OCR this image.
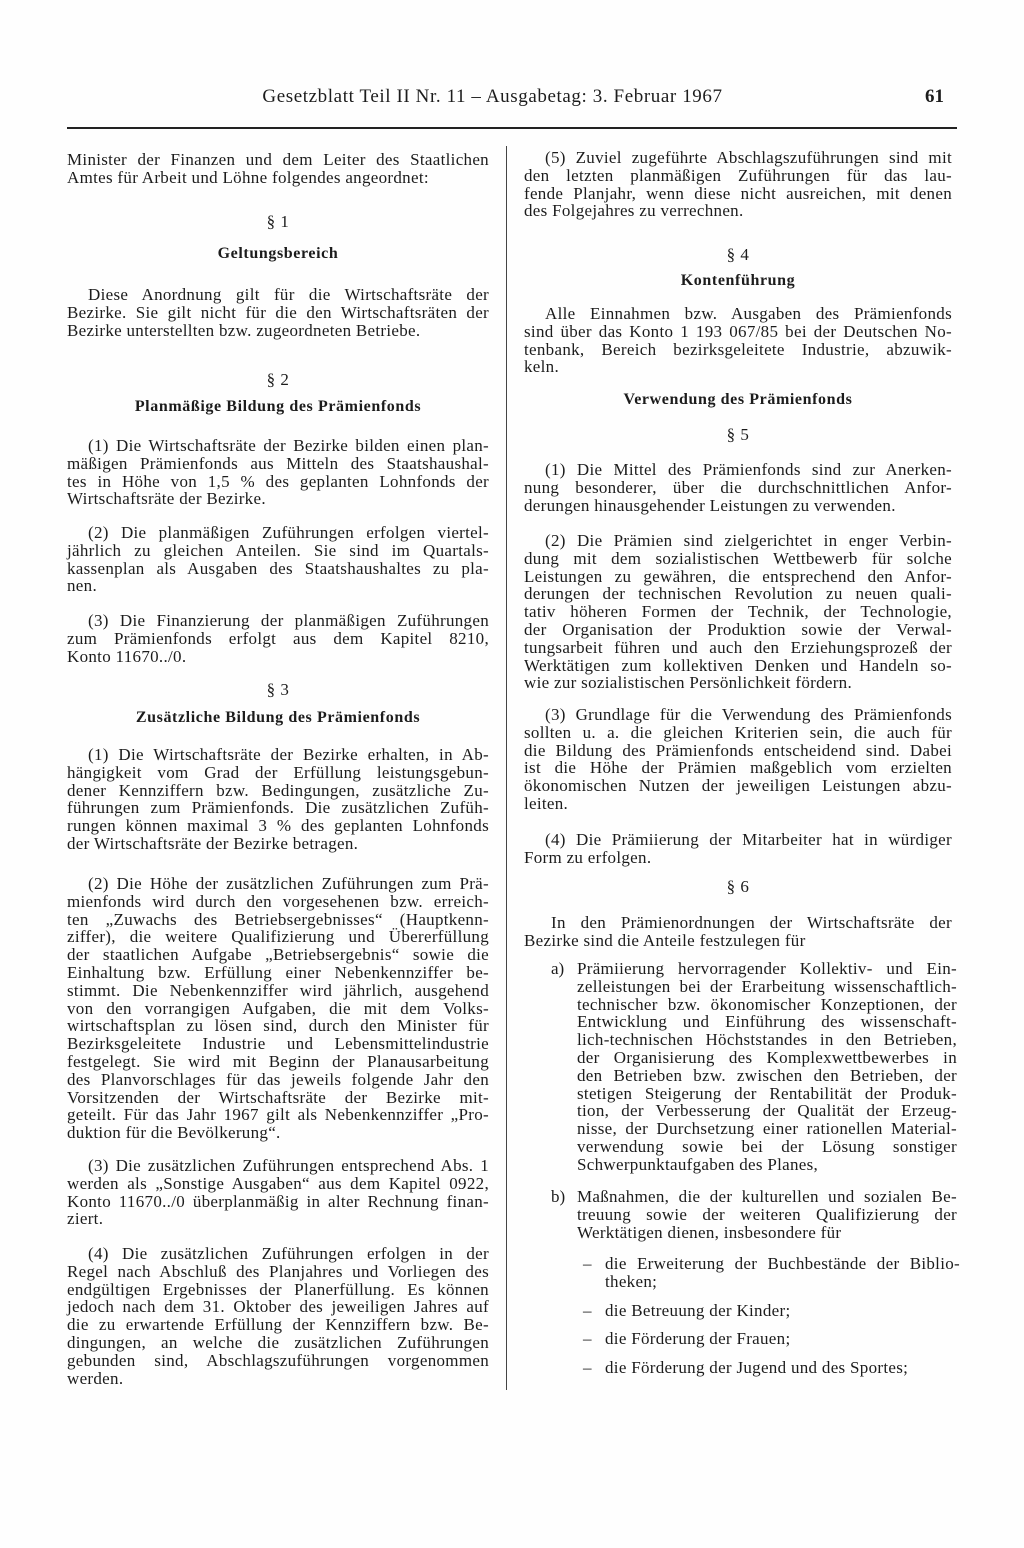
Gesetzblatt Teil II Nr. 11 – Ausgabetag: 3. Februar 1967	61
Minister der Finanzen und dem Leiter des Staatlichen
Amtes für Arbeit und Löhne folgendes angeordnet:
§ 1
Geltungsbereich
Diese Anordnung gilt für die Wirtschaftsräte der
Bezirke. Sie gilt nicht für die den Wirtschaftsräten der
Bezirke unterstellten bzw. zugeordneten Betriebe.
§ 2
Planmäßige Bildung des Prämienfonds
(1) Die Wirtschaftsräte der Bezirke bilden einen plan-
mäßigen Prämienfonds aus Mitteln des Staatshaushal-
tes in Höhe von 1,5 % des geplanten Lohnfonds der
Wirtschaftsräte der Bezirke.
(2) Die planmäßigen Zuführungen erfolgen viertel-
jährlich zu gleichen Anteilen. Sie sind im Quartals-
kassenplan als Ausgaben des Staatshaushaltes zu pla-
nen.
(3) Die Finanzierung der planmäßigen Zuführungen
zum Prämienfonds erfolgt aus dem Kapitel 8210,
Konto 11670../0.
§ 3
Zusätzliche Bildung des Prämienfonds
(1) Die Wirtschaftsräte der Bezirke erhalten, in Ab-
hängigkeit vom Grad der Erfüllung leistungsgebun-
dener Kennziffern bzw. Bedingungen, zusätzliche Zu-
führungen zum Prämienfonds. Die zusätzlichen Zufüh-
rungen können maximal 3 % des geplanten Lohnfonds
der Wirtschaftsräte der Bezirke betragen.
(2) Die Höhe der zusätzlichen Zuführungen zum Prä-
mienfonds wird durch den vorgesehenen bzw. erreich-
ten „Zuwachs des Betriebsergebnisses“ (Hauptkenn-
ziffer), die weitere Qualifizierung und Übererfüllung
der staatlichen Aufgabe „Betriebsergebnis“ sowie die
Einhaltung bzw. Erfüllung einer Nebenkennziffer be-
stimmt. Die Nebenkennziffer wird jährlich, ausgehend
von den vorrangigen Aufgaben, die mit dem Volks-
wirtschaftsplan zu lösen sind, durch den Minister für
Bezirksgeleitete Industrie und Lebensmittelindustrie
festgelegt. Sie wird mit Beginn der Planausarbeitung
des Planvorschlages für das jeweils folgende Jahr den
Vorsitzenden der Wirtschaftsräte der Bezirke mit-
geteilt. Für das Jahr 1967 gilt als Nebenkennziffer „Pro-
duktion für die Bevölkerung“.
(3) Die zusätzlichen Zuführungen entsprechend Abs. 1
werden als „Sonstige Ausgaben“ aus dem Kapitel 0922,
Konto 11670../0 überplanmäßig in alter Rechnung finan-
ziert.
(4) Die zusätzlichen Zuführungen erfolgen in der
Regel nach Abschluß des Planjahres und Vorliegen des
endgültigen Ergebnisses der Planerfüllung. Es können
jedoch nach dem 31. Oktober des jeweiligen Jahres auf
die zu erwartende Erfüllung der Kennziffern bzw. Be-
dingungen, an welche die zusätzlichen Zuführungen
gebunden sind, Abschlagszuführungen vorgenommen
werden.
(5) Zuviel zugeführte Abschlagszuführungen sind mit
den letzten planmäßigen Zuführungen für das lau-
fende Planjahr, wenn diese nicht ausreichen, mit denen
des Folgejahres zu verrechnen.
§ 4
Kontenführung
Alle Einnahmen bzw. Ausgaben des Prämienfonds
sind über das Konto 1 193 067/85 bei der Deutschen No-
tenbank, Bereich bezirksgeleitete Industrie, abzuwik-
keln.
Verwendung des Prämienfonds
§ 5
(1) Die Mittel des Prämienfonds sind zur Anerken-
nung besonderer, über die durchschnittlichen Anfor-
derungen hinausgehender Leistungen zu verwenden.
(2) Die Prämien sind zielgerichtet in enger Verbin-
dung mit dem sozialistischen Wettbewerb für solche
Leistungen zu gewähren, die entsprechend den Anfor-
derungen der technischen Revolution zu neuen quali-
tativ höheren Formen der Technik, der Technologie,
der Organisation der Produktion sowie der Verwal-
tungsarbeit führen und auch den Erziehungsprozeß der
Werktätigen zum kollektiven Denken und Handeln so-
wie zur sozialistischen Persönlichkeit fördern.
(3) Grundlage für die Verwendung des Prämienfonds
sollten u. a. die gleichen Kriterien sein, die auch für
die Bildung des Prämienfonds entscheidend sind. Dabei
ist die Höhe der Prämien maßgeblich vom erzielten
ökonomischen Nutzen der jeweiligen Leistungen abzu-
leiten.
(4) Die Prämiierung der Mitarbeiter hat in würdiger
Form zu erfolgen.
§ 6
In den Prämienordnungen der Wirtschaftsräte der
Bezirke sind die Anteile festzulegen für
a) Prämiierung hervorragender Kollektiv- und Ein-
zelleistungen bei der Erarbeitung wissenschaftlich-
technischer bzw. ökonomischer Konzeptionen, der
Entwicklung und Einführung des wissenschaft-
lich-technischen Höchststandes in den Betrieben,
der Organisierung des Komplexwettbewerbes in
den Betrieben bzw. zwischen den Betrieben, der
stetigen Steigerung der Rentabilität der Produk-
tion, der Verbesserung der Qualität der Erzeug-
nisse, der Durchsetzung einer rationellen Material-
verwendung sowie bei der Lösung sonstiger
Schwerpunktaufgaben des Planes,
b) Maßnahmen, die der kulturellen und sozialen Be-
treuung sowie der weiteren Qualifizierung der
Werktätigen dienen, insbesondere für
– die Erweiterung der Buchbestände der Biblio-
theken;
– die Betreuung der Kinder;
– die Förderung der Frauen;
– die Förderung der Jugend und des Sportes;
